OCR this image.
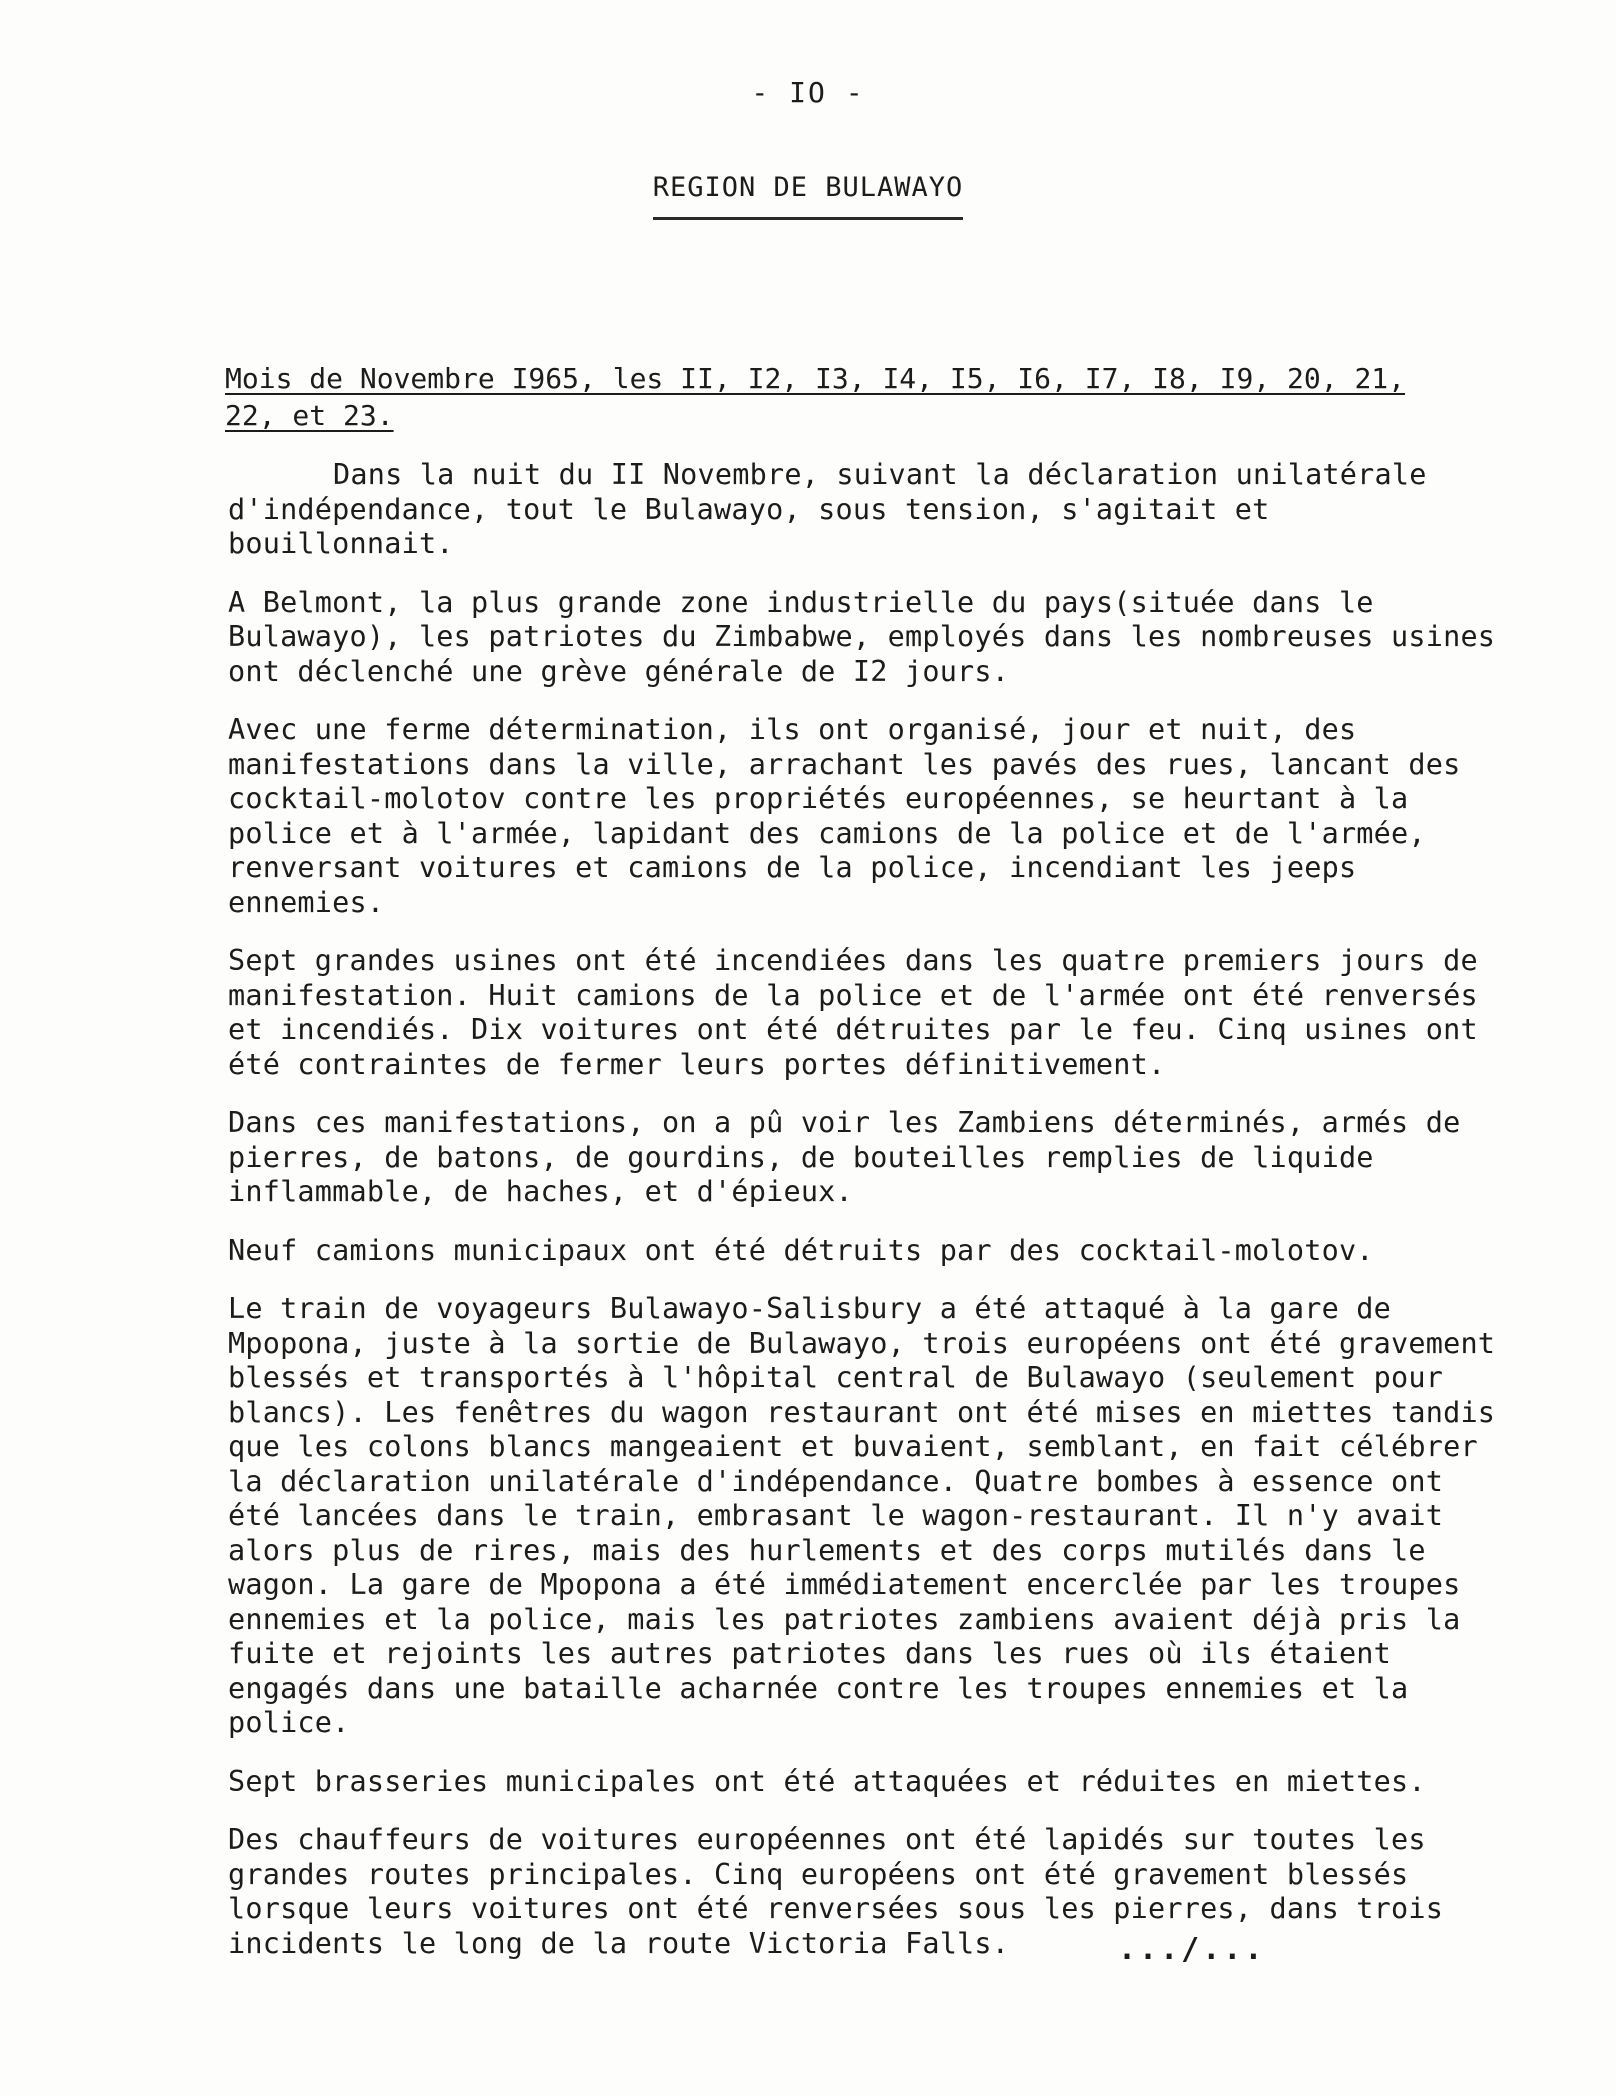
- IO -
REGION DE BULAWAYO
Mois de Novembre I965, les II, I2, I3, I4, I5, I6, I7, I8, I9, 20, 21, 22, et 23.

Dans la nuit du II Novembre, suivant la déclaration unilatérale d'indépendance, tout le Bulawayo, sous tension, s'agitait et bouillonnait.

A Belmont, la plus grande zone industrielle du pays(située dans le Bulawayo), les patriotes du Zimbabwe, employés dans les nombreuses usines ont déclenché une grève générale de I2 jours.

Avec une ferme détermination, ils ont organisé, jour et nuit, des manifestations dans la ville, arrachant les pavés des rues, lancant des cocktail-molotov contre les propriétés européennes, se heurtant à la police et à l'armée, lapidant des camions de la police et de l'armée, renversant voitures et camions de la police, incendiant les jeeps ennemies.

Sept grandes usines ont été incendiées dans les quatre premiers jours de manifestation. Huit camions de la police et de l'armée ont été renversés et incendiés. Dix voitures ont été détruites par le feu. Cinq usines ont été contraintes de fermer leurs portes définitivement.

Dans ces manifestations, on a pû voir les Zambiens déterminés, armés de pierres, de batons, de gourdins, de bouteilles remplies de liquide inflammable, de haches, et d'épieux.

Neuf camions municipaux ont été détruits par des cocktail-molotov.

Le train de voyageurs Bulawayo-Salisbury a été attaqué à la gare de Mpopona, juste à la sortie de Bulawayo, trois européens ont été gravement blessés et transportés à l'hôpital central de Bulawayo (seulement pour blancs). Les fenêtres du wagon restaurant ont été mises en miettes tandis que les colons blancs mangeaient et buvaient, semblant, en fait célébrer la déclaration unilatérale d'indépendance. Quatre bombes à essence ont été lancées dans le train, embrasant le wagon-restaurant. Il n'y avait alors plus de rires, mais des hurlements et des corps mutilés dans le wagon. La gare de Mpopona a été immédiatement encerclée par les troupes ennemies et la police, mais les patriotes zambiens avaient déjà pris la fuite et rejoints les autres patriotes dans les rues où ils étaient engagés dans une bataille acharnée contre les troupes ennemies et la police.

Sept brasseries municipales ont été attaquées et réduites en miettes.

Des chauffeurs de voitures européennes ont été lapidés sur toutes les grandes routes principales. Cinq européens ont été gravement blessés lorsque leurs voitures ont été renversées sous les pierres, dans trois incidents le long de la route Victoria Falls.	.../...
